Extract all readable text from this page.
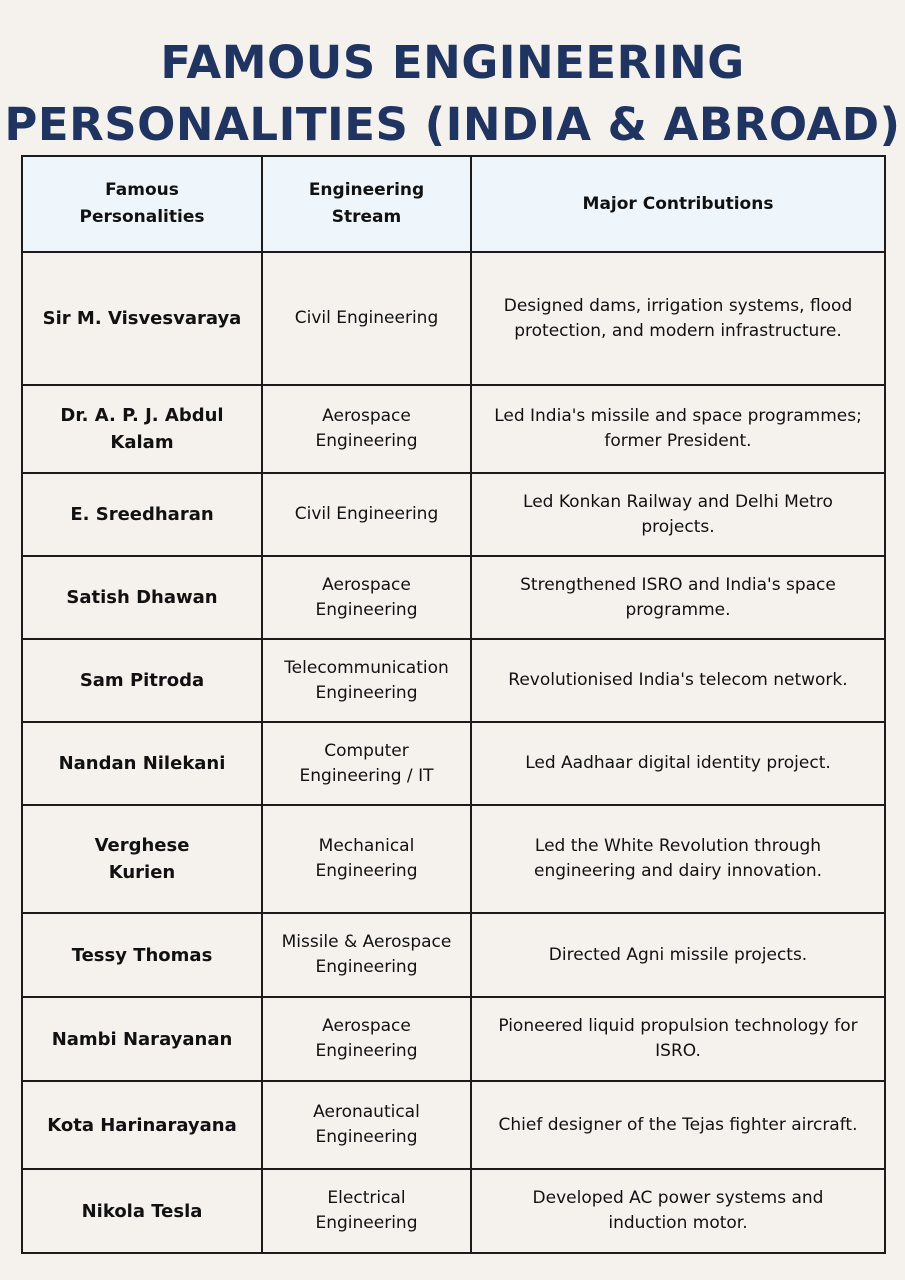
FAMOUS ENGINEERING
PERSONALITIES (INDIA & ABROAD)
Famous Personalities	Engineering Stream	Major Contributions
Sir M. Visvesvaraya	Civil Engineering	Designed dams, irrigation systems, flood protection, and modern infrastructure.
Dr. A. P. J. Abdul Kalam	Aerospace Engineering	Led India's missile and space programmes; former President.
E. Sreedharan	Civil Engineering	Led Konkan Railway and Delhi Metro projects.
Satish Dhawan	Aerospace Engineering	Strengthened ISRO and India's space programme.
Sam Pitroda	Telecommunication Engineering	Revolutionised India's telecom network.
Nandan Nilekani	Computer Engineering / IT	Led Aadhaar digital identity project.
Verghese Kurien	Mechanical Engineering	Led the White Revolution through engineering and dairy innovation.
Tessy Thomas	Missile & Aerospace Engineering	Directed Agni missile projects.
Nambi Narayanan	Aerospace Engineering	Pioneered liquid propulsion technology for ISRO.
Kota Harinarayana	Aeronautical Engineering	Chief designer of the Tejas fighter aircraft.
Nikola Tesla	Electrical Engineering	Developed AC power systems and induction motor.
